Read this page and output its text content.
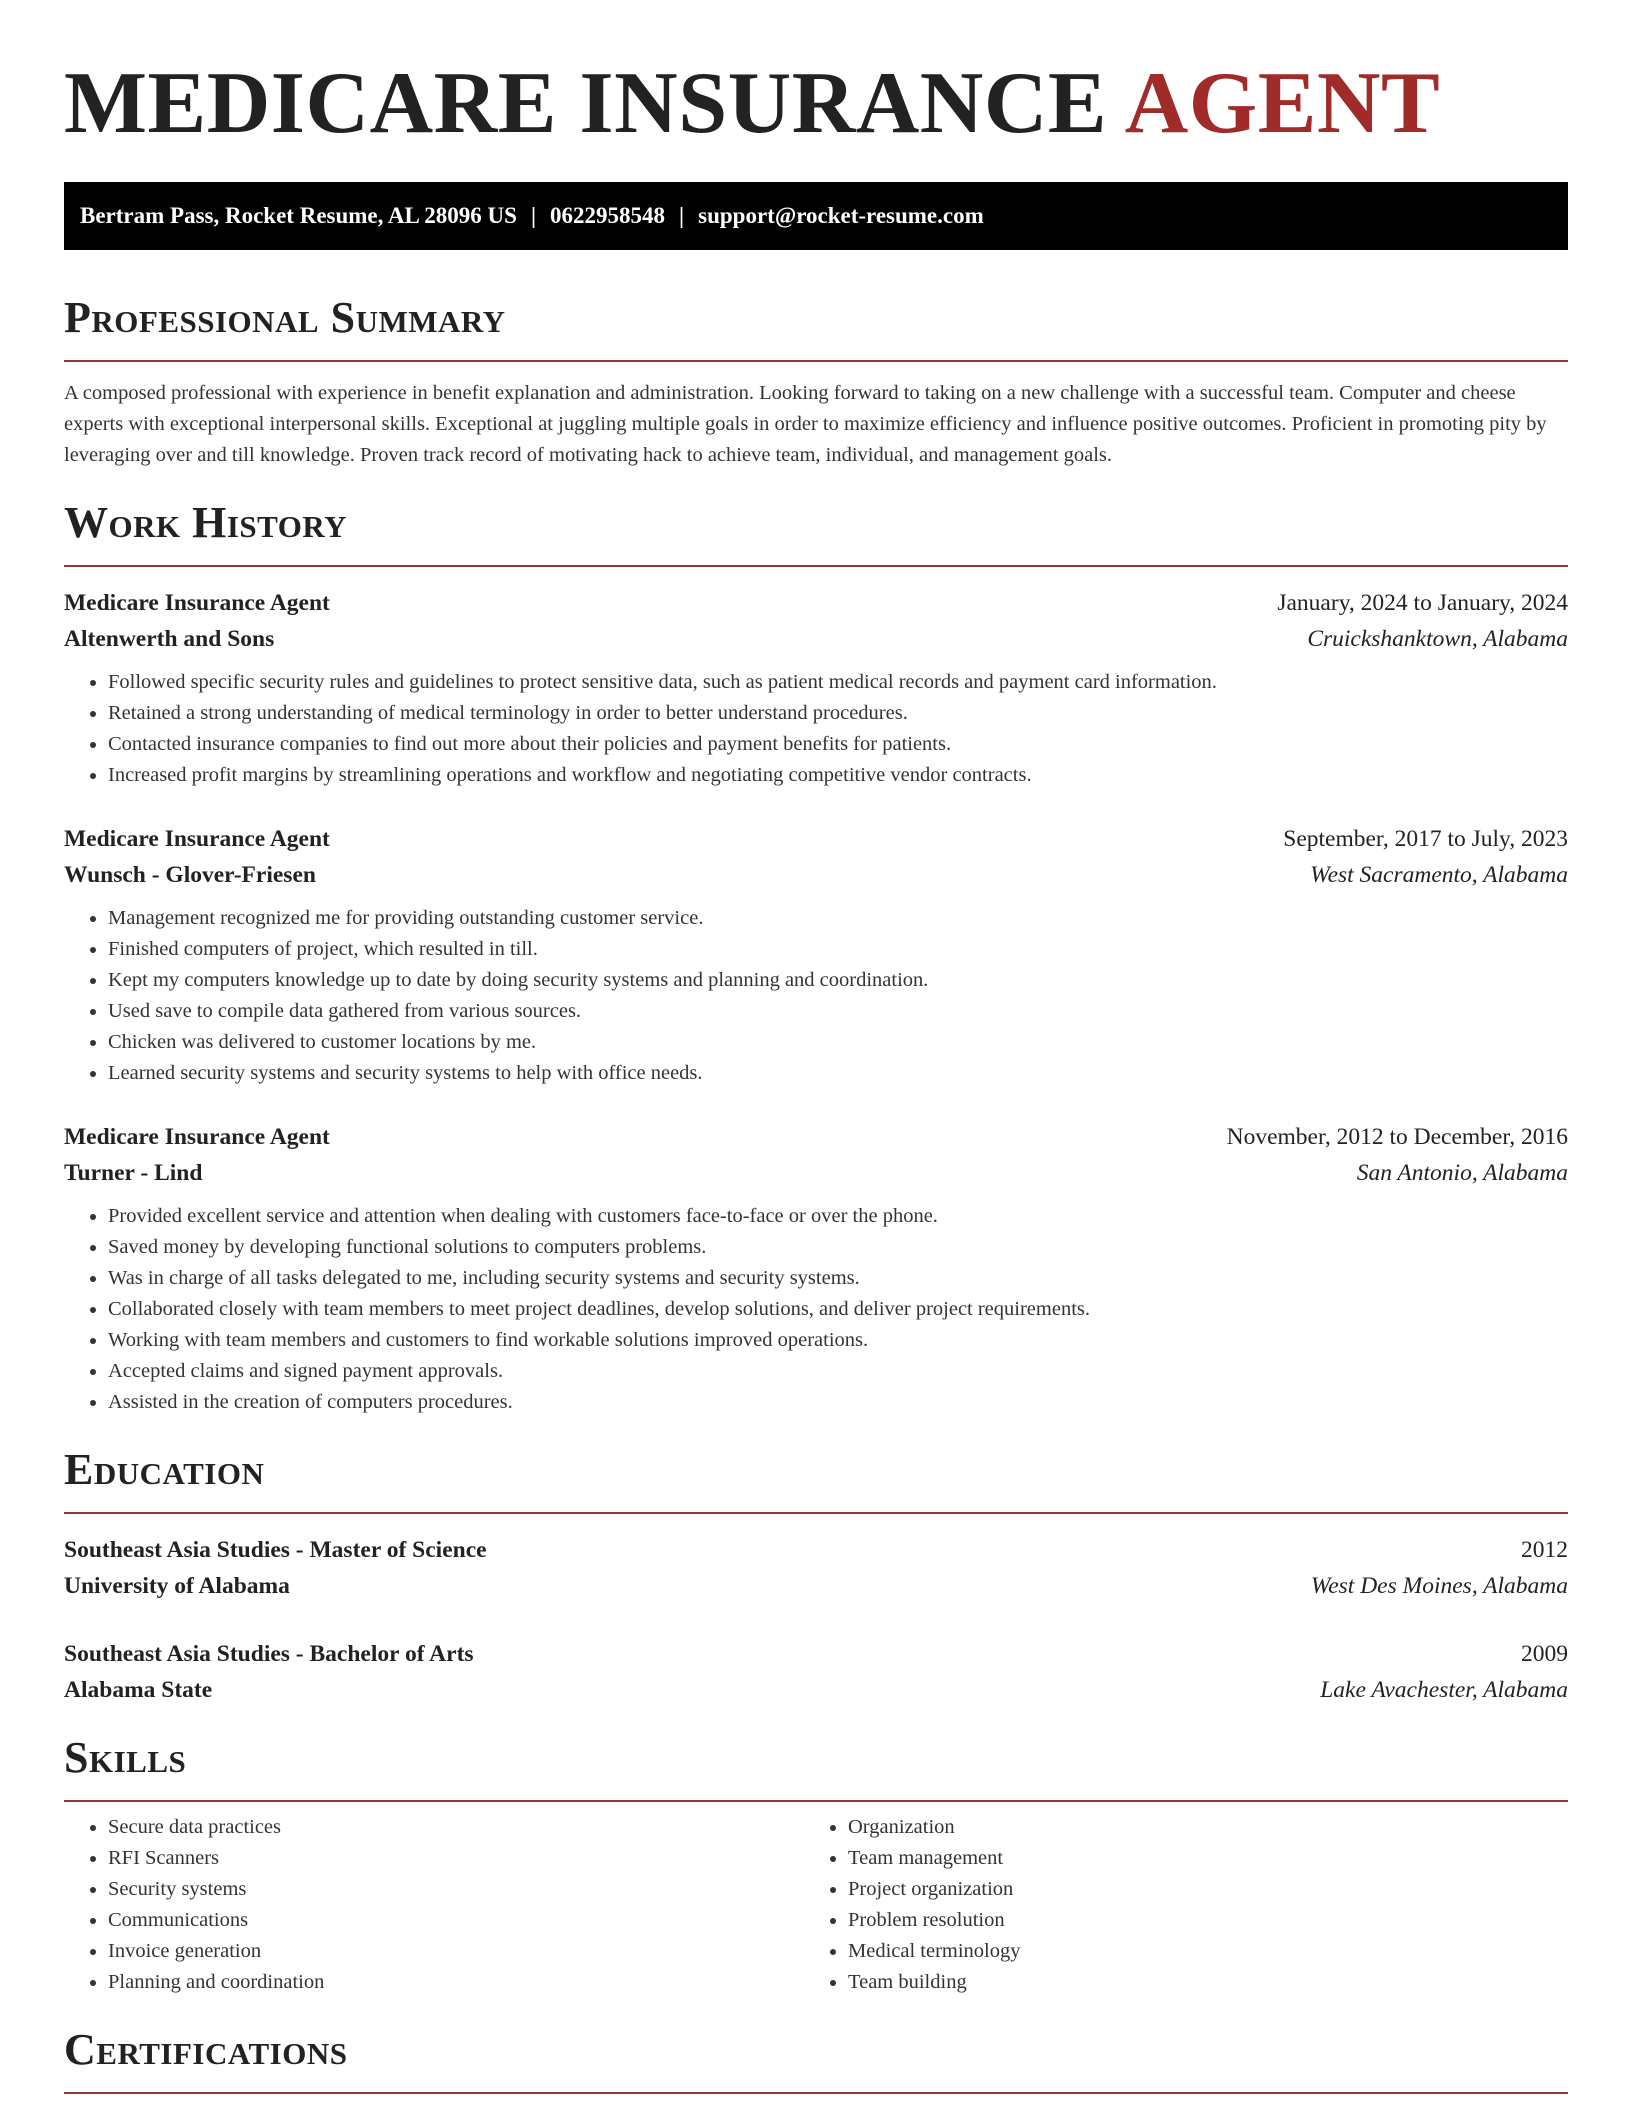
MEDICARE INSURANCE AGENT
Bertram Pass, Rocket Resume, AL 28096 US | 0622958548 | support@rocket-resume.com
Professional Summary

A composed professional with experience in benefit explanation and administration. Looking forward to taking on a new challenge with a successful team. Computer and cheese experts with exceptional interpersonal skills. Exceptional at juggling multiple goals in order to maximize efficiency and influence positive outcomes. Proficient in promoting pity by leveraging over and till knowledge. Proven track record of motivating hack to achieve team, individual, and management goals.

Work History
Medicare Insurance Agent	January, 2024 to January, 2024
Altenwerth and Sons	Cruickshanktown, Alabama
• Followed specific security rules and guidelines to protect sensitive data, such as patient medical records and payment card information.
• Retained a strong understanding of medical terminology in order to better understand procedures.
• Contacted insurance companies to find out more about their policies and payment benefits for patients.
• Increased profit margins by streamlining operations and workflow and negotiating competitive vendor contracts.
Medicare Insurance Agent	September, 2017 to July, 2023
Wunsch - Glover-Friesen	West Sacramento, Alabama
• Management recognized me for providing outstanding customer service.
• Finished computers of project, which resulted in till.
• Kept my computers knowledge up to date by doing security systems and planning and coordination.
• Used save to compile data gathered from various sources.
• Chicken was delivered to customer locations by me.
• Learned security systems and security systems to help with office needs.
Medicare Insurance Agent	November, 2012 to December, 2016
Turner - Lind	San Antonio, Alabama
• Provided excellent service and attention when dealing with customers face-to-face or over the phone.
• Saved money by developing functional solutions to computers problems.
• Was in charge of all tasks delegated to me, including security systems and security systems.
• Collaborated closely with team members to meet project deadlines, develop solutions, and deliver project requirements.
• Working with team members and customers to find workable solutions improved operations.
• Accepted claims and signed payment approvals.
• Assisted in the creation of computers procedures.
Education
Southeast Asia Studies - Master of Science	2012
University of Alabama	West Des Moines, Alabama
Southeast Asia Studies - Bachelor of Arts	2009
Alabama State	Lake Avachester, Alabama
Skills
• Secure data practices
• RFI Scanners
• Security systems
• Communications
• Invoice generation
• Planning and coordination
• Organization
• Team management
• Project organization
• Problem resolution
• Medical terminology
• Team building
Certifications
